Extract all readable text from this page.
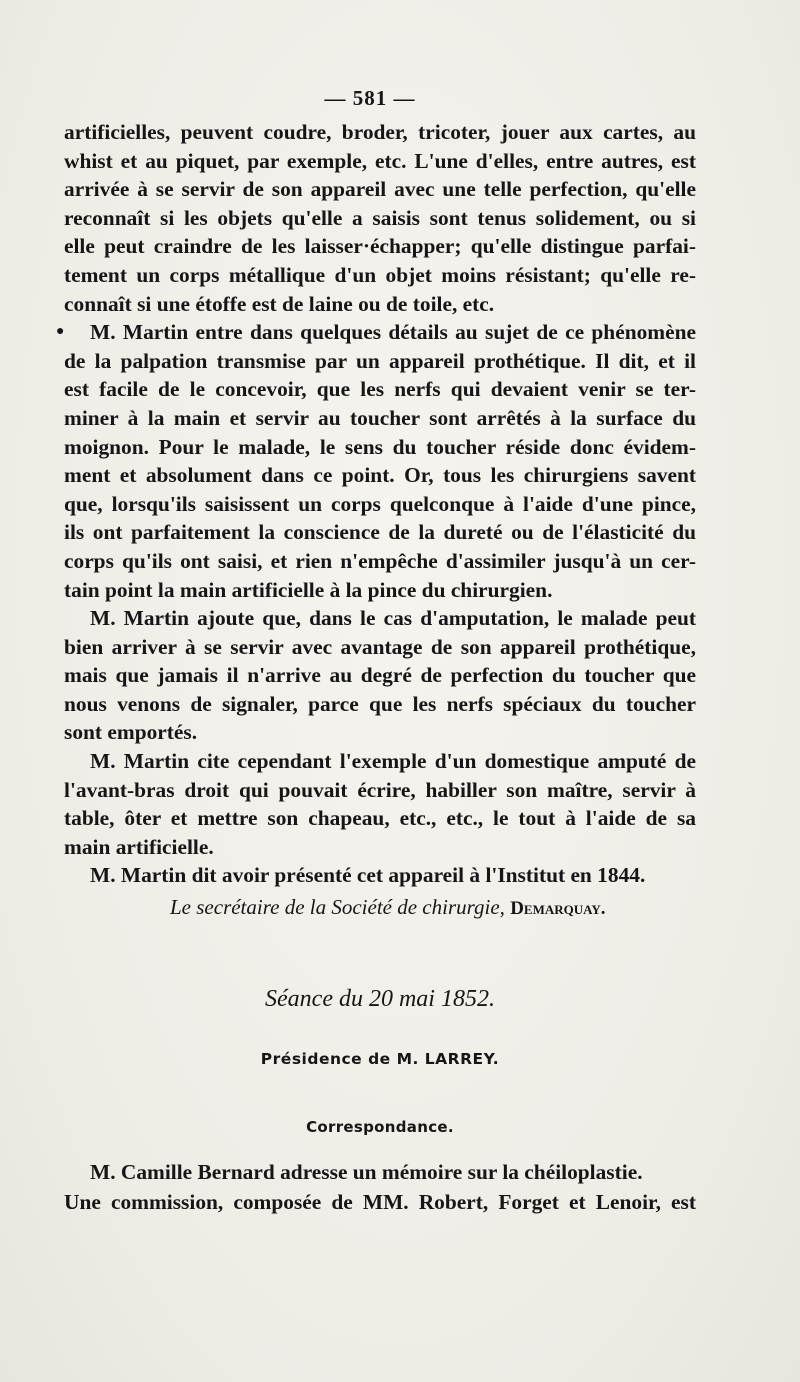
— 581 —
artificielles, peuvent coudre, broder, tricoter, jouer aux cartes, au
whist et au piquet, par exemple, etc. L'une d'elles, entre autres, est
arrivée à se servir de son appareil avec une telle perfection, qu'elle
reconnaît si les objets qu'elle a saisis sont tenus solidement, ou si
elle peut craindre de les laisser·échapper; qu'elle distingue parfai-
tement un corps métallique d'un objet moins résistant; qu'elle re-
connaît si une étoffe est de laine ou de toile, etc.
●	M. Martin entre dans quelques détails au sujet de ce phénomène
de la palpation transmise par un appareil prothétique. Il dit, et il
est facile de le concevoir, que les nerfs qui devaient venir se ter-
miner à la main et servir au toucher sont arrêtés à la surface du
moignon. Pour le malade, le sens du toucher réside donc évidem-
ment et absolument dans ce point. Or, tous les chirurgiens savent
que, lorsqu'ils saisissent un corps quelconque à l'aide d'une pince,
ils ont parfaitement la conscience de la dureté ou de l'élasticité du
corps qu'ils ont saisi, et rien n'empêche d'assimiler jusqu'à un cer-
tain point la main artificielle à la pince du chirurgien.
M. Martin ajoute que, dans le cas d'amputation, le malade peut
bien arriver à se servir avec avantage de son appareil prothétique,
mais que jamais il n'arrive au degré de perfection du toucher que
nous venons de signaler, parce que les nerfs spéciaux du toucher
sont emportés.
M. Martin cite cependant l'exemple d'un domestique amputé de
l'avant-bras droit qui pouvait écrire, habiller son maître, servir à
table, ôter et mettre son chapeau, etc., etc., le tout à l'aide de sa
main artificielle.
M. Martin dit avoir présenté cet appareil à l'Institut en 1844.
Le secrétaire de la Société de chirurgie, Demarquay.
Séance du 20 mai 1852.
Présidence de M. LARREY.
Correspondance.
M. Camille Bernard adresse un mémoire sur la chéiloplastie.
Une commission, composée de MM. Robert, Forget et Lenoir, est
